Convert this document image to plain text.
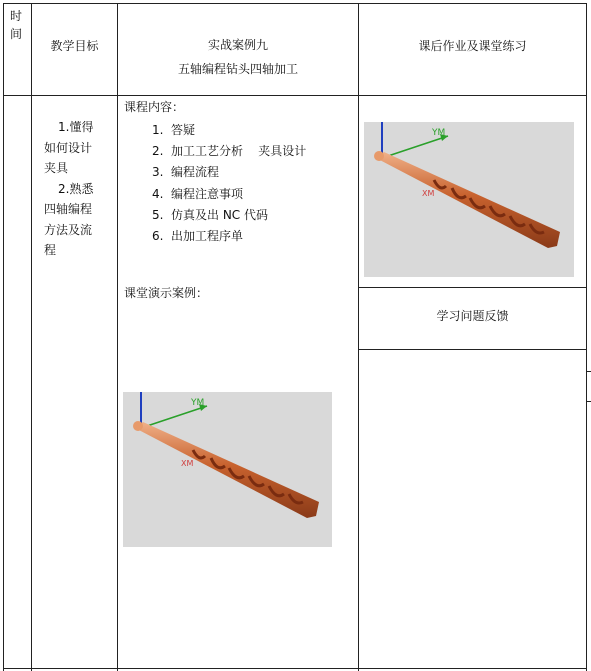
时
间
教学目标	实战案例九
五轴编程钻头四轴加工
课后作业及课堂练习
1.懂得
如何设计
夹具
2.熟悉
四轴编程
方法及流
程
课程内容：
1. 答疑
2. 加工工艺分析    夹具设计
3. 编程流程
4. 编程注意事项
5. 仿真及出 NC 代码
6. 出加工程序单
课堂演示案例：
YM
XM
YM
XM
学习问题反馈
